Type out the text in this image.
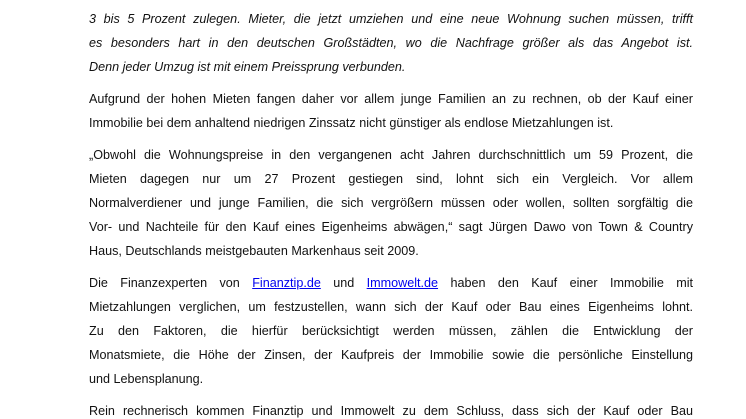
3 bis 5 Prozent zulegen. Mieter, die jetzt umziehen und eine neue Wohnung suchen müssen, trifft
es besonders hart in den deutschen Großstädten, wo die Nachfrage größer als das Angebot ist.
Denn jeder Umzug ist mit einem Preissprung verbunden.
Aufgrund der hohen Mieten fangen daher vor allem junge Familien an zu rechnen, ob der Kauf einer
Immobilie bei dem anhaltend niedrigen Zinssatz nicht günstiger als endlose Mietzahlungen ist.
„Obwohl die Wohnungspreise in den vergangenen acht Jahren durchschnittlich um 59 Prozent, die
Mieten dagegen nur um 27 Prozent gestiegen sind, lohnt sich ein Vergleich. Vor allem
Normalverdiener und junge Familien, die sich vergrößern müssen oder wollen, sollten sorgfältig die
Vor- und Nachteile für den Kauf eines Eigenheims abwägen,“ sagt Jürgen Dawo von Town & Country
Haus, Deutschlands meistgebauten Markenhaus seit 2009.
Die Finanzexperten von Finanztip.de und Immowelt.de haben den Kauf einer Immobilie mit
Mietzahlungen verglichen, um festzustellen, wann sich der Kauf oder Bau eines Eigenheims lohnt.
Zu den Faktoren, die hierfür berücksichtigt werden müssen, zählen die Entwicklung der
Monatsmiete, die Höhe der Zinsen, der Kaufpreis der Immobilie sowie die persönliche Einstellung
und Lebensplanung.
Rein rechnerisch kommen Finanztip und Immowelt zu dem Schluss, dass sich der Kauf oder Bau
